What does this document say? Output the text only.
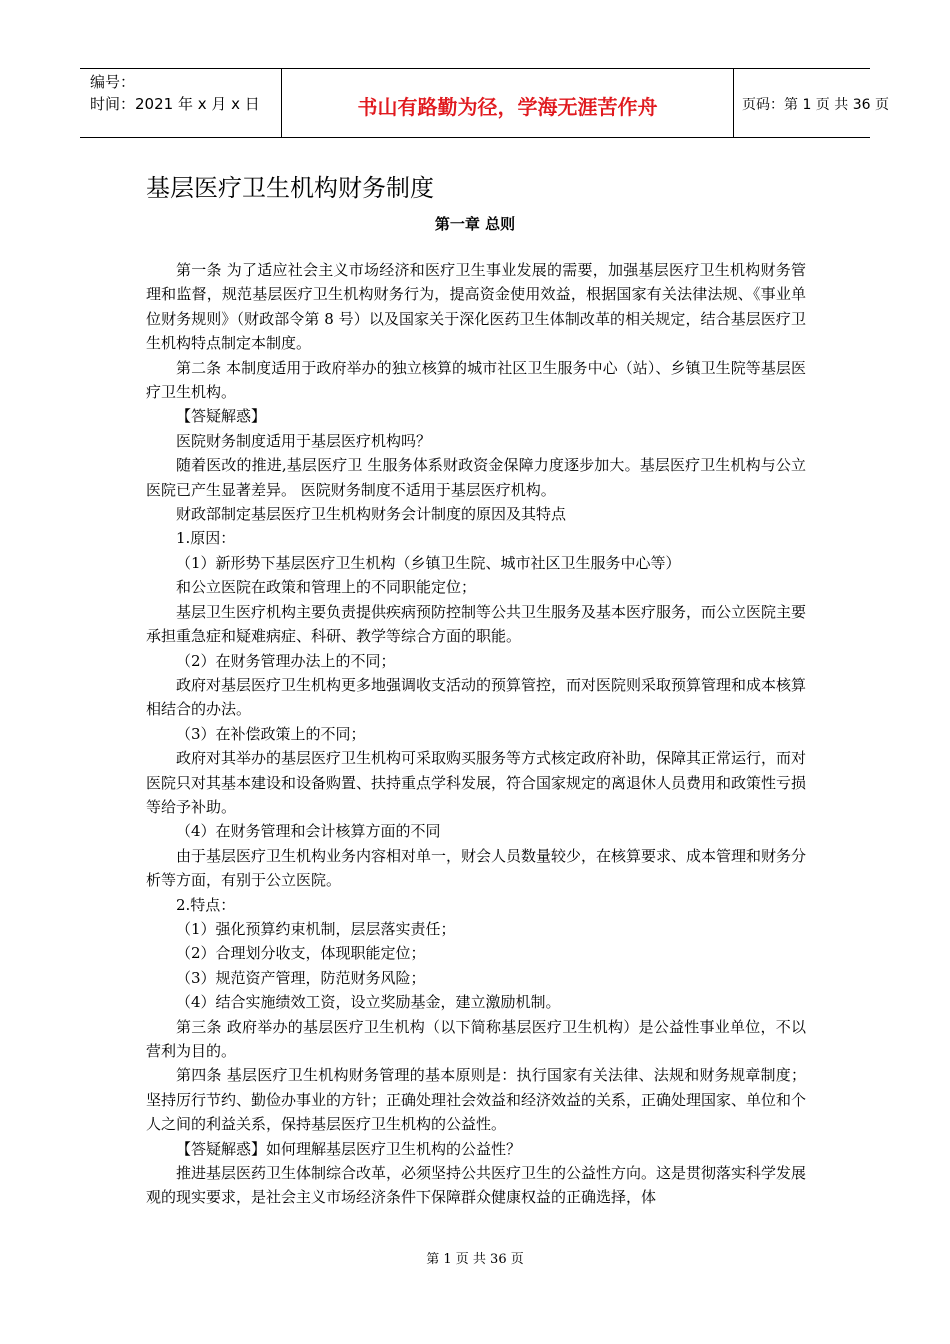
编号：
时间：2021 年 x 月 x 日	书山有路勤为径，学海无涯苦作舟	页码：第 1 页 共 36 页
基层医疗卫生机构财务制度
第一章 总则

第一条 为了适应社会主义市场经济和医疗卫生事业发展的需要，加强基层医疗卫生机构财务管理和监督，规范基层医疗卫生机构财务行为，提高资金使用效益，根据国家有关法律法规、《事业单位财务规则》（财政部令第 8 号）以及国家关于深化医药卫生体制改革的相关规定，结合基层医疗卫生机构特点制定本制度。

第二条 本制度适用于政府举办的独立核算的城市社区卫生服务中心（站）、乡镇卫生院等基层医疗卫生机构。

【答疑解惑】

医院财务制度适用于基层医疗机构吗？

随着医改的推进,基层医疗卫 生服务体系财政资金保障力度逐步加大。基层医疗卫生机构与公立医院已产生显著差异。 医院财务制度不适用于基层医疗机构。

财政部制定基层医疗卫生机构财务会计制度的原因及其特点

1.原因：

（1）新形势下基层医疗卫生机构（乡镇卫生院、城市社区卫生服务中心等）

和公立医院在政策和管理上的不同职能定位；

基层卫生医疗机构主要负责提供疾病预防控制等公共卫生服务及基本医疗服务，而公立医院主要承担重急症和疑难病症、科研、教学等综合方面的职能。

（2）在财务管理办法上的不同；

政府对基层医疗卫生机构更多地强调收支活动的预算管控，而对医院则采取预算管理和成本核算相结合的办法。

（3）在补偿政策上的不同；

政府对其举办的基层医疗卫生机构可采取购买服务等方式核定政府补助，保障其正常运行，而对医院只对其基本建设和设备购置、扶持重点学科发展，符合国家规定的离退休人员费用和政策性亏损等给予补助。

（4）在财务管理和会计核算方面的不同

由于基层医疗卫生机构业务内容相对单一，财会人员数量较少，在核算要求、成本管理和财务分析等方面，有别于公立医院。

2.特点：

（1）强化预算约束机制，层层落实责任；

（2）合理划分收支，体现职能定位；

（3）规范资产管理，防范财务风险；

（4）结合实施绩效工资，设立奖励基金，建立激励机制。

第三条 政府举办的基层医疗卫生机构（以下简称基层医疗卫生机构）是公益性事业单位，不以营利为目的。

第四条 基层医疗卫生机构财务管理的基本原则是：执行国家有关法律、法规和财务规章制度；坚持厉行节约、勤俭办事业的方针；正确处理社会效益和经济效益的关系，正确处理国家、单位和个人之间的利益关系，保持基层医疗卫生机构的公益性。

【答疑解惑】如何理解基层医疗卫生机构的公益性？

推进基层医药卫生体制综合改革，必须坚持公共医疗卫生的公益性方向。这是贯彻落实科学发展观的现实要求，是社会主义市场经济条件下保障群众健康权益的正确选择，体

第 1 页 共 36 页
